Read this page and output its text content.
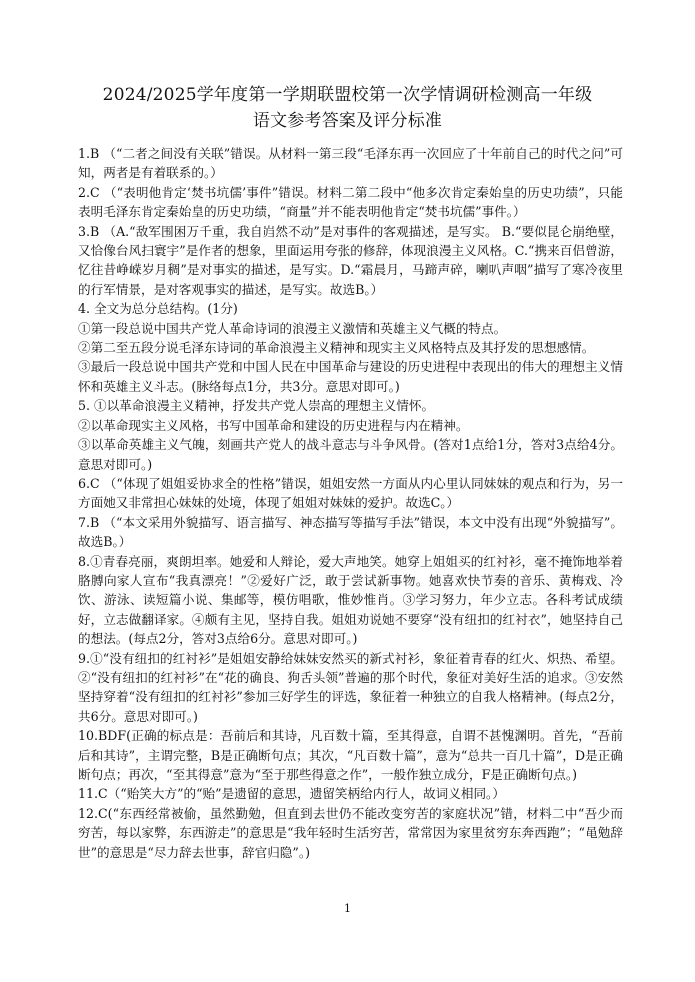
2024/2025学年度第一学期联盟校第一次学情调研检测高一年级
语文参考答案及评分标准

1.B （“二者之间没有关联”错误。从材料一第三段“毛泽东再一次回应了十年前自己的时代之问”可知，两者是有着联系的。）

2.C （“表明他肯定‘焚书坑儒’事件”错误。材料二第二段中“他多次肯定秦始皇的历史功绩”，只能表明毛泽东肯定秦始皇的历史功绩，“商量”并不能表明他肯定“焚书坑儒”事件。）

3.B （A.“敌军围困万千重，我自岿然不动”是对事件的客观描述，是写实。 B.“要似昆仑崩绝壁，又恰像台风扫寰宇”是作者的想象，里面运用夸张的修辞，体现浪漫主义风格。C.“携来百侣曾游，忆往昔峥嵘岁月稠”是对事实的描述，是写实。D.“霜晨月，马蹄声碎，喇叭声咽”描写了寒冷夜里的行军情景，是对客观事实的描述，是写实。故选B。）

4. 全文为总分总结构。(1分)

①第一段总说中国共产党人革命诗词的浪漫主义激情和英雄主义气概的特点。

②第二至五段分说毛泽东诗词的革命浪漫主义精神和现实主义风格特点及其抒发的思想感情。

③最后一段总说中国共产党和中国人民在中国革命与建设的历史进程中表现出的伟大的理想主义情怀和英雄主义斗志。(脉络每点1分，共3分。意思对即可。)

5. ①以革命浪漫主义精神，抒发共产党人崇高的理想主义情怀。

②以革命现实主义风格，书写中国革命和建设的历史进程与内在精神。

③以革命英雄主义气魄，刻画共产党人的战斗意志与斗争风骨。(答对1点给1分，答对3点给4分。意思对即可。)

6.C （“体现了姐姐妥协求全的性格”错误，姐姐安然一方面从内心里认同妹妹的观点和行为，另一方面她又非常担心妹妹的处境，体现了姐姐对妹妹的爱护。故选C。）

7.B （“本文采用外貌描写、语言描写、神态描写等描写手法”错误，本文中没有出现“外貌描写”。故选B。）

8.①青春亮丽，爽朗坦率。她爱和人辩论，爱大声地笑。她穿上姐姐买的红衬衫，毫不掩饰地举着胳膊向家人宣布“我真漂亮！”②爱好广泛，敢于尝试新事物。她喜欢快节奏的音乐、黄梅戏、冷饮、游泳、读短篇小说、集邮等，模仿唱歌，惟妙惟肖。③学习努力，年少立志。各科考试成绩好，立志做翻译家。④颇有主见，坚持自我。姐姐劝说她不要穿“没有纽扣的红衬衣”，她坚持自己的想法。(每点2分，答对3点给6分。意思对即可。)

9.①“没有纽扣的红衬衫”是姐姐安静给妹妹安然买的新式衬衫，象征着青春的红火、炽热、希望。②“没有纽扣的红衬衫”在“花的确良、狗舌头领”普遍的那个时代，象征对美好生活的追求。③安然坚持穿着“没有纽扣的红衬衫”参加三好学生的评选，象征着一种独立的自我人格精神。(每点2分，共6分。意思对即可。)

10.BDF(正确的标点是：吾前后和其诗，凡百数十篇，至其得意，自谓不甚愧渊明。首先，“吾前后和其诗”，主谓完整，B是正确断句点；其次，“凡百数十篇”，意为“总共一百几十篇”，D是正确断句点；再次，“至其得意”意为“至于那些得意之作”，一般作独立成分，F是正确断句点。)

11.C（“贻笑大方”的“贻”是遗留的意思，遗留笑柄给内行人，故词义相同。）

12.C(“东西经常被偷，虽然勤勉，但直到去世仍不能改变穷苦的家庭状况”错，材料二中“吾少而穷苦，每以家弊，东西游走”的意思是“我年轻时生活穷苦，常常因为家里贫穷东奔西跑”；“黾勉辞世”的意思是“尽力辞去世事，辞官归隐”。)

1
